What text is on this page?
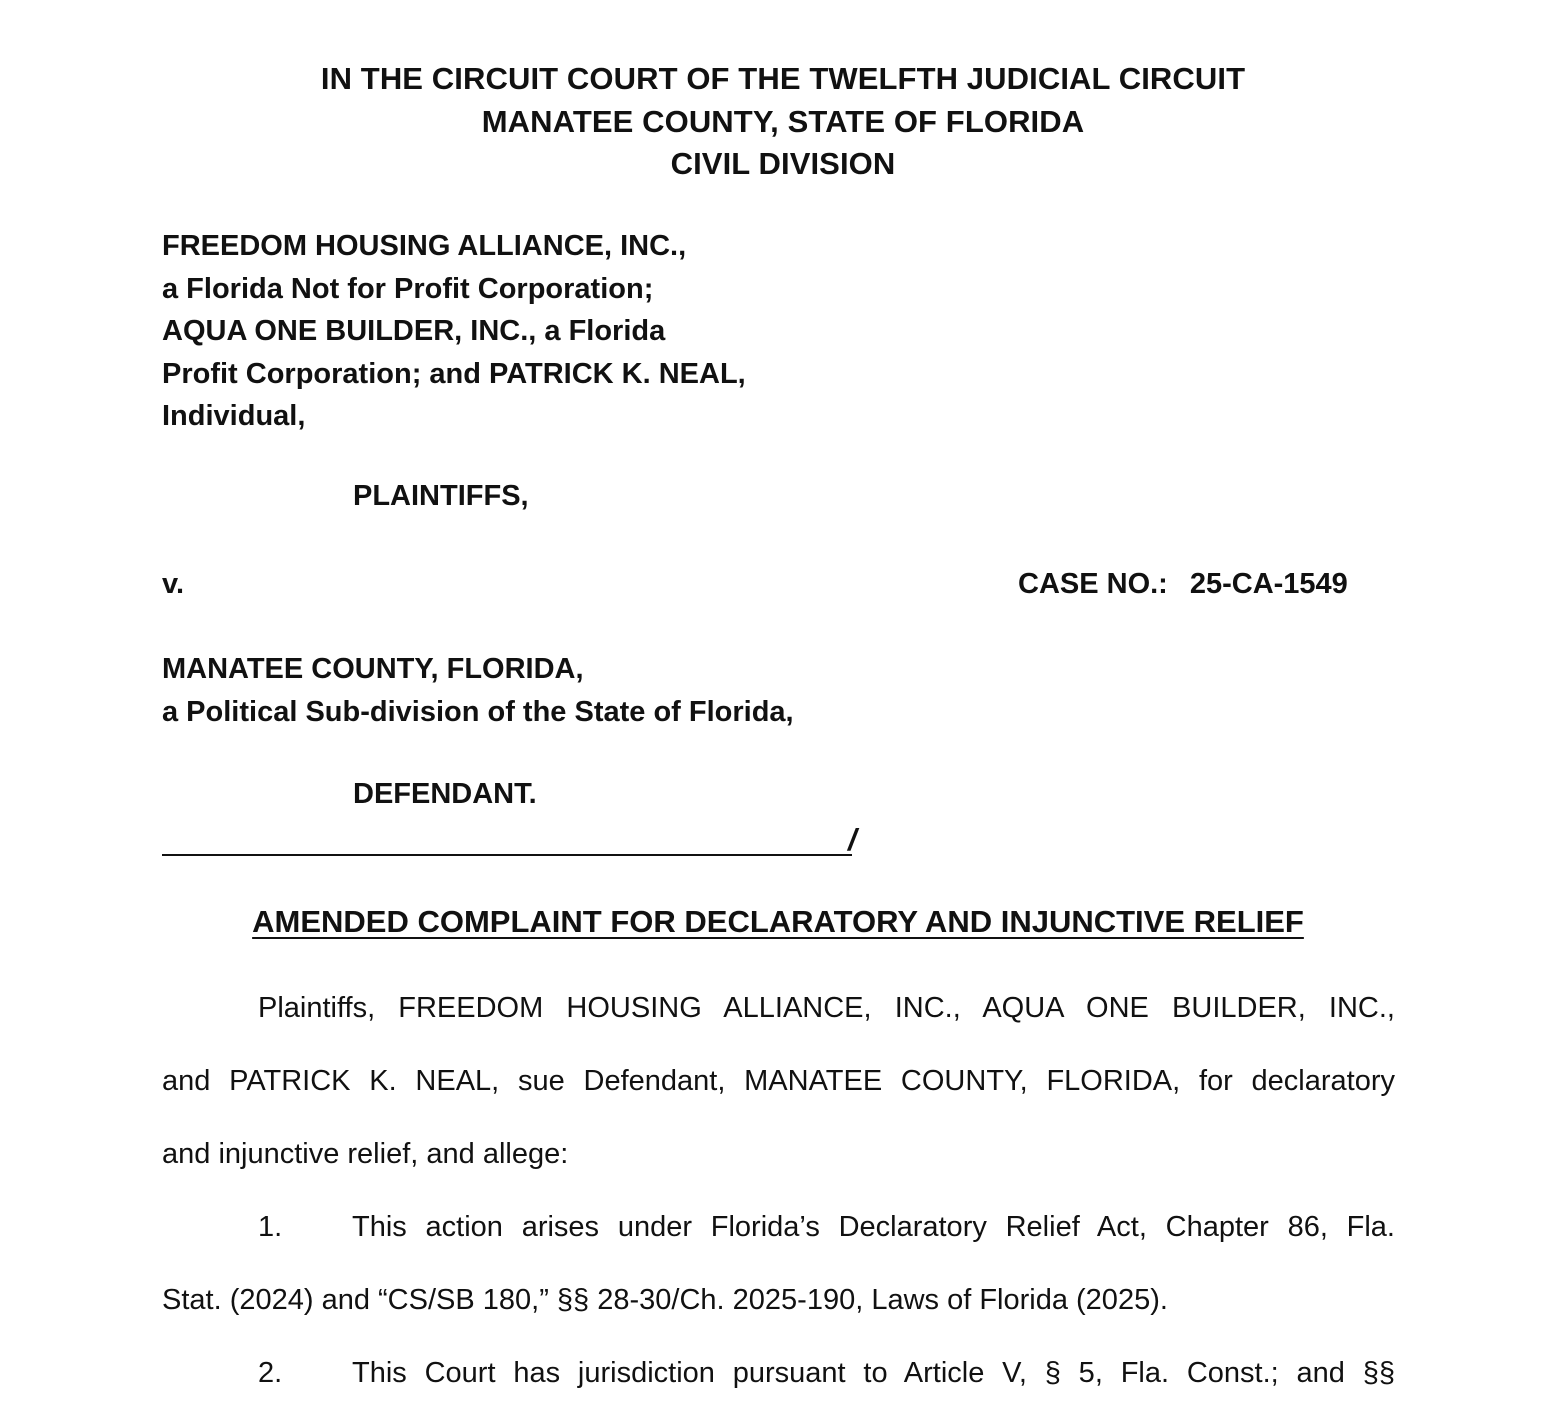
IN THE CIRCUIT COURT OF THE TWELFTH JUDICIAL CIRCUIT
MANATEE COUNTY, STATE OF FLORIDA
CIVIL DIVISION
FREEDOM HOUSING ALLIANCE, INC.,
a Florida Not for Profit Corporation;
AQUA ONE BUILDER, INC., a Florida
Profit Corporation; and PATRICK K. NEAL,
Individual,
PLAINTIFFS,
v.	CASE NO.: 25-CA-1549
MANATEE COUNTY, FLORIDA,
a Political Sub-division of the State of Florida,
DEFENDANT.
/
AMENDED COMPLAINT FOR DECLARATORY AND INJUNCTIVE RELIEF
Plaintiffs, FREEDOM HOUSING ALLIANCE, INC., AQUA ONE BUILDER, INC.,
and PATRICK K. NEAL, sue Defendant, MANATEE COUNTY, FLORIDA, for declaratory
and injunctive relief, and allege:
1.	This action arises under Florida’s Declaratory Relief Act, Chapter 86, Fla.
Stat. (2024) and “CS/SB 180,” §§ 28-30/Ch. 2025-190, Laws of Florida (2025).
2.	This Court has jurisdiction pursuant to Article V, § 5, Fla. Const.; and §§
